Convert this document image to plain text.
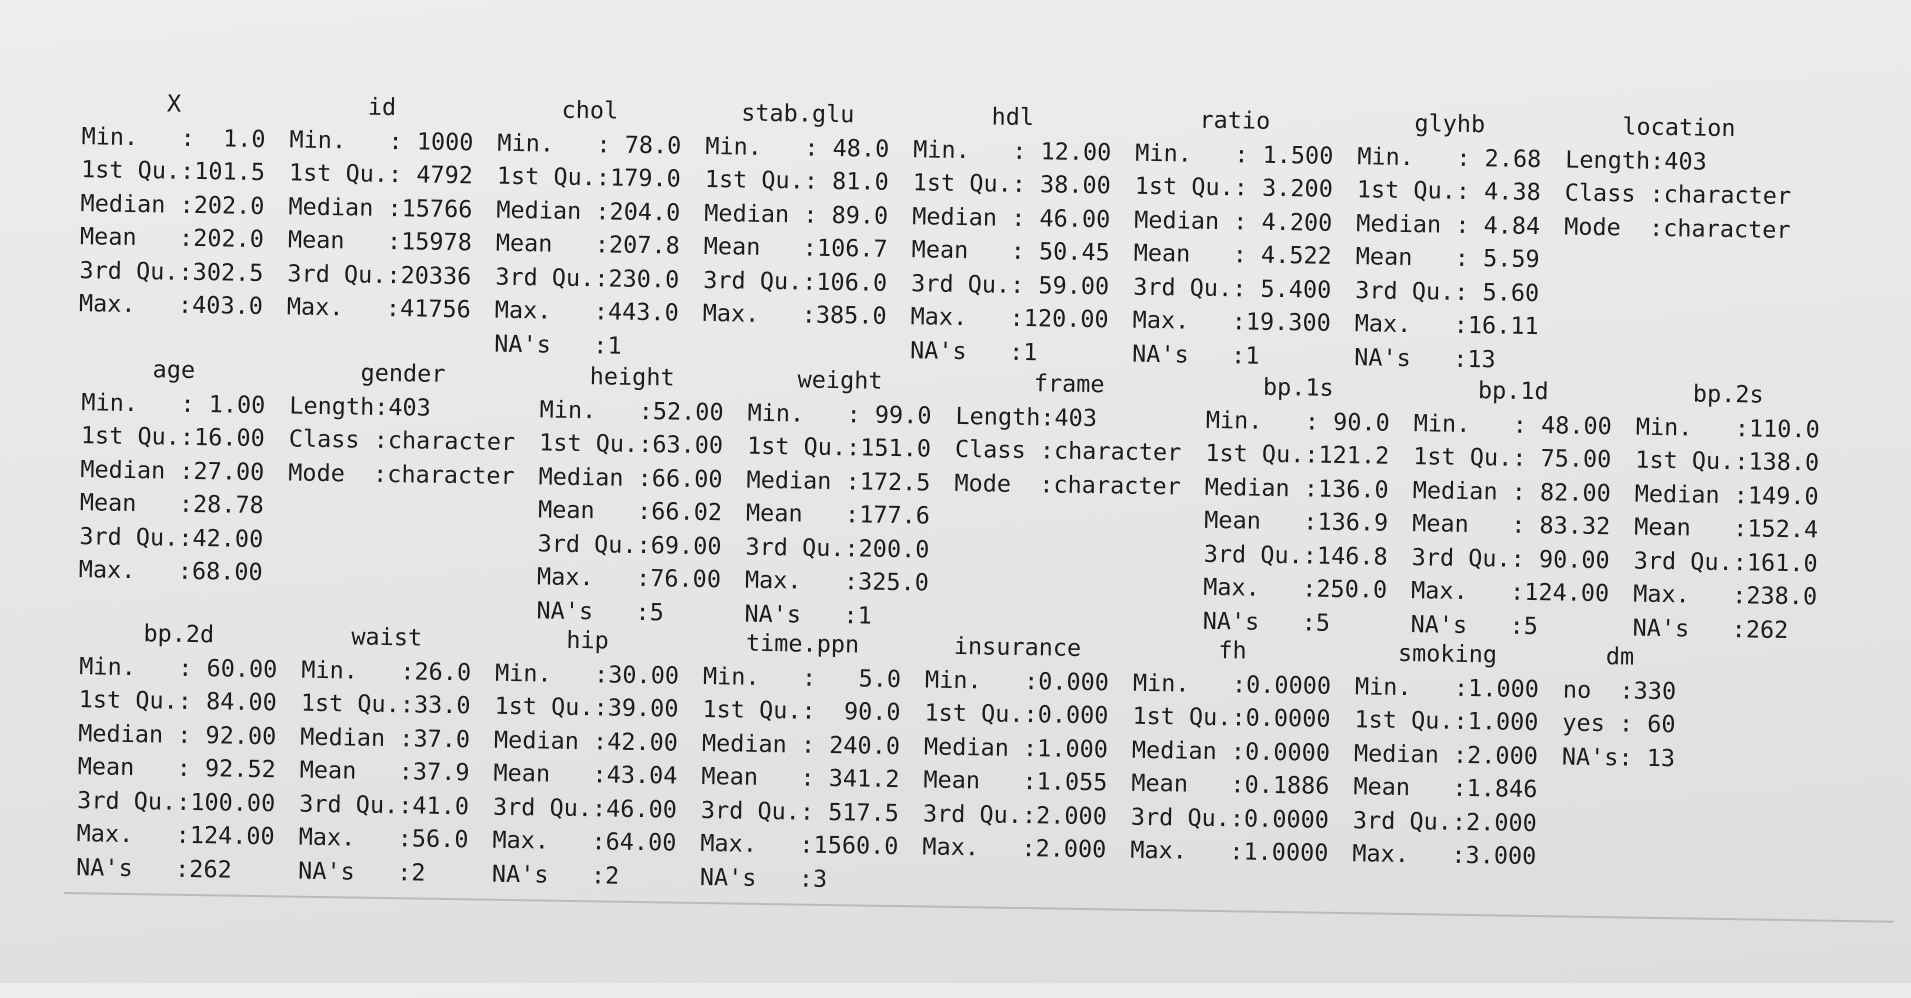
X
Min.   :  1.0
1st Qu.:101.5
Median :202.0
Mean   :202.0
3rd Qu.:302.5
Max.   :403.0
id
Min.   : 1000
1st Qu.: 4792
Median :15766
Mean   :15978
3rd Qu.:20336
Max.   :41756
chol
Min.   : 78.0
1st Qu.:179.0
Median :204.0
Mean   :207.8
3rd Qu.:230.0
Max.   :443.0
NA's   :1
stab.glu
Min.   : 48.0
1st Qu.: 81.0
Median : 89.0
Mean   :106.7
3rd Qu.:106.0
Max.   :385.0
hdl
Min.   : 12.00
1st Qu.: 38.00
Median : 46.00
Mean   : 50.45
3rd Qu.: 59.00
Max.   :120.00
NA's   :1
ratio
Min.   : 1.500
1st Qu.: 3.200
Median : 4.200
Mean   : 4.522
3rd Qu.: 5.400
Max.   :19.300
NA's   :1
glyhb
Min.   : 2.68
1st Qu.: 4.38
Median : 4.84
Mean   : 5.59
3rd Qu.: 5.60
Max.   :16.11
NA's   :13
location
Length:403
Class :character
Mode  :character
age
Min.   : 1.00
1st Qu.:16.00
Median :27.00
Mean   :28.78
3rd Qu.:42.00
Max.   :68.00
gender
Length:403
Class :character
Mode  :character
height
Min.   :52.00
1st Qu.:63.00
Median :66.00
Mean   :66.02
3rd Qu.:69.00
Max.   :76.00
NA's   :5
weight
Min.   : 99.0
1st Qu.:151.0
Median :172.5
Mean   :177.6
3rd Qu.:200.0
Max.   :325.0
NA's   :1
frame
Length:403
Class :character
Mode  :character
bp.1s
Min.   : 90.0
1st Qu.:121.2
Median :136.0
Mean   :136.9
3rd Qu.:146.8
Max.   :250.0
NA's   :5
bp.1d
Min.   : 48.00
1st Qu.: 75.00
Median : 82.00
Mean   : 83.32
3rd Qu.: 90.00
Max.   :124.00
NA's   :5
bp.2s
Min.   :110.0
1st Qu.:138.0
Median :149.0
Mean   :152.4
3rd Qu.:161.0
Max.   :238.0
NA's   :262
bp.2d
Min.   : 60.00
1st Qu.: 84.00
Median : 92.00
Mean   : 92.52
3rd Qu.:100.00
Max.   :124.00
NA's   :262
waist
Min.   :26.0
1st Qu.:33.0
Median :37.0
Mean   :37.9
3rd Qu.:41.0
Max.   :56.0
NA's   :2
hip
Min.   :30.00
1st Qu.:39.00
Median :42.00
Mean   :43.04
3rd Qu.:46.00
Max.   :64.00
NA's   :2
time.ppn
Min.   :   5.0
1st Qu.:  90.0
Median : 240.0
Mean   : 341.2
3rd Qu.: 517.5
Max.   :1560.0
NA's   :3
insurance
Min.   :0.000
1st Qu.:0.000
Median :1.000
Mean   :1.055
3rd Qu.:2.000
Max.   :2.000
fh
Min.   :0.0000
1st Qu.:0.0000
Median :0.0000
Mean   :0.1886
3rd Qu.:0.0000
Max.   :1.0000
smoking
Min.   :1.000
1st Qu.:1.000
Median :2.000
Mean   :1.846
3rd Qu.:2.000
Max.   :3.000
dm
no  :330
yes : 60
NA's: 13
